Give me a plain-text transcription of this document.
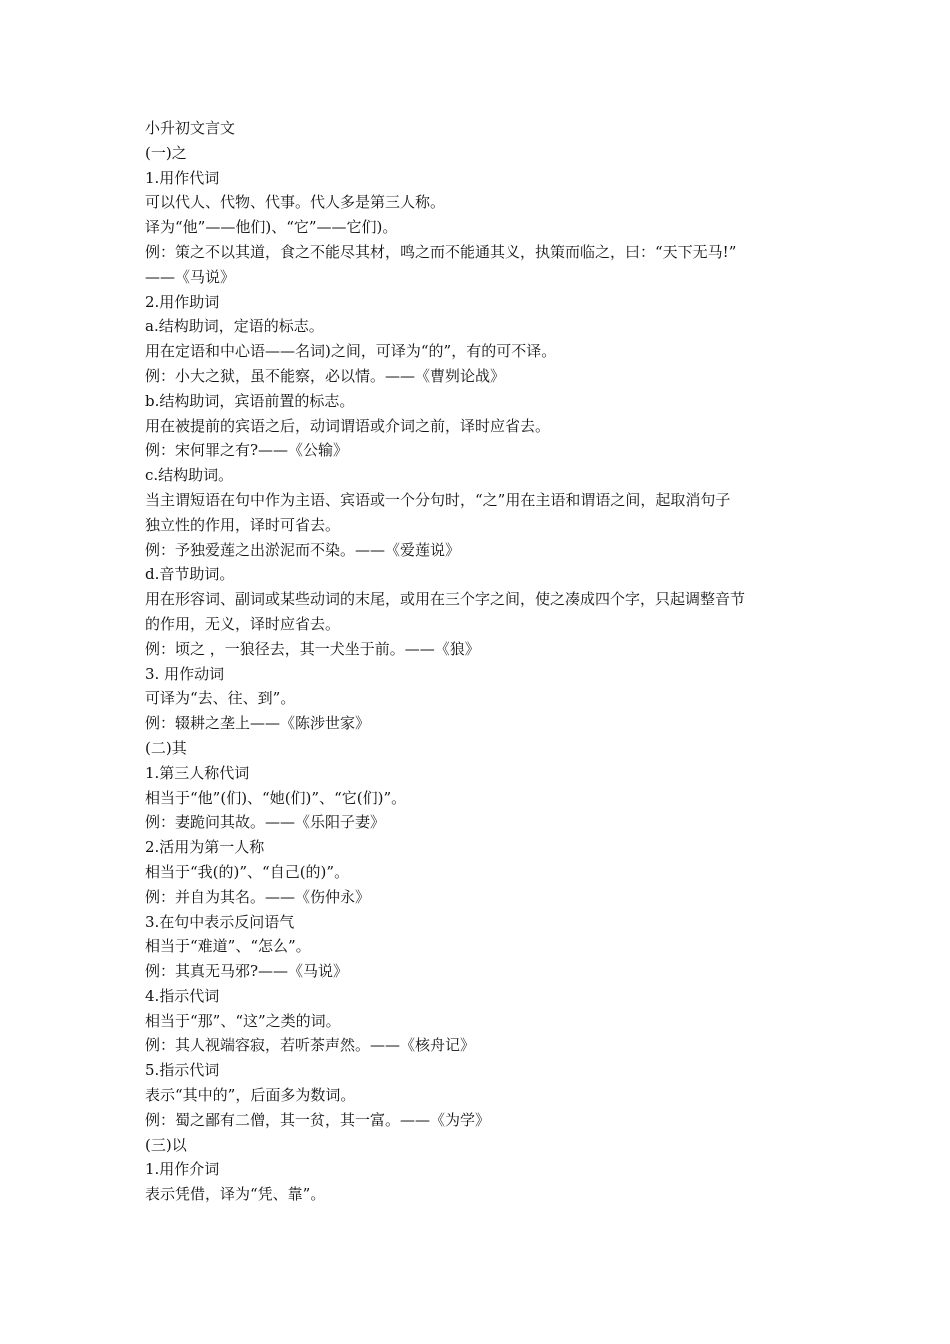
小升初文言文

(一)之

1.用作代词

可以代人、代物、代事。代人多是第三人称。

译为“他”——他们)、“它”——它们)。

例：策之不以其道，食之不能尽其材，鸣之而不能通其义，执策而临之，曰：“天下无马!”

——《马说》

2.用作助词

a.结构助词，定语的标志。

用在定语和中心语——名词)之间，可译为“的”，有的可不译。

例：小大之狱，虽不能察，必以情。——《曹刿论战》

b.结构助词，宾语前置的标志。

用在被提前的宾语之后，动词谓语或介词之前，译时应省去。

例：宋何罪之有?——《公输》

c.结构助词。

当主谓短语在句中作为主语、宾语或一个分句时，“之”用在主语和谓语之间，起取消句子

独立性的作用，译时可省去。

例：予独爱莲之出淤泥而不染。——《爱莲说》

d.音节助词。

用在形容词、副词或某些动词的末尾，或用在三个字之间，使之凑成四个字，只起调整音节

的作用，无义，译时应省去。

例：顷之 ，一狼径去，其一犬坐于前。——《狼》

3. 用作动词

可译为“去、往、到”。

例：辍耕之垄上——《陈涉世家》

(二)其

1.第三人称代词

相当于“他”(们)、“她(们)”、“它(们)”。

例：妻跪问其故。——《乐阳子妻》

2.活用为第一人称

相当于“我(的)”、“自己(的)”。

例：并自为其名。——《伤仲永》

3.在句中表示反问语气

相当于“难道”、“怎么”。

例：其真无马邪?——《马说》

4.指示代词

相当于“那”、“这”之类的词。

例：其人视端容寂，若听茶声然。——《核舟记》

5.指示代词

表示“其中的”，后面多为数词。

例：蜀之鄙有二僧，其一贫，其一富。——《为学》

(三)以

1.用作介词

表示凭借，译为“凭、靠”。
